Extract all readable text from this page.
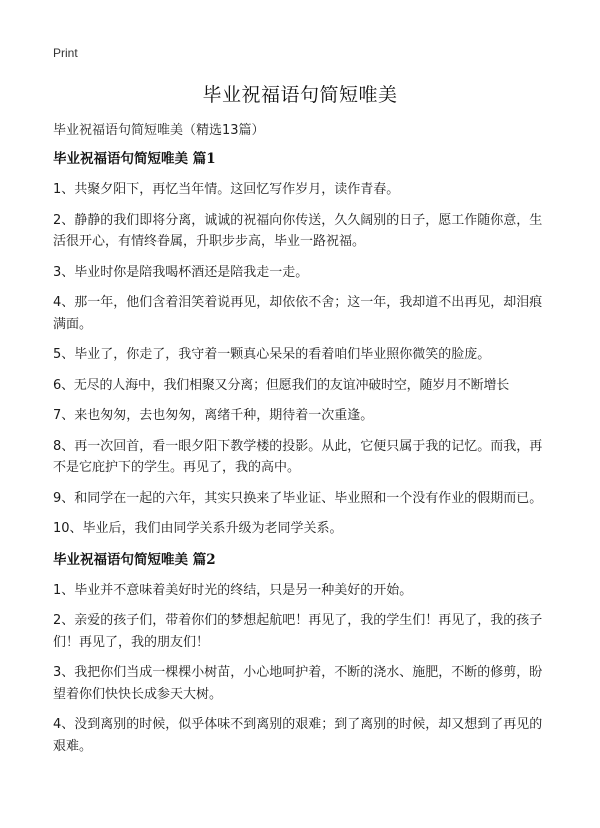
Print
毕业祝福语句简短唯美
毕业祝福语句简短唯美（精选13篇）
毕业祝福语句简短唯美 篇1
1、共聚夕阳下，再忆当年情。这回忆写作岁月，读作青春。
2、静静的我们即将分离，诚诚的祝福向你传送，久久阔别的日子，愿工作随你意，生活很开心，有情终眷属，升职步步高，毕业一路祝福。
3、毕业时你是陪我喝杯酒还是陪我走一走。
4、那一年，他们含着泪笑着说再见，却依依不舍；这一年，我却道不出再见，却泪痕满面。
5、毕业了，你走了，我守着一颗真心呆呆的看着咱们毕业照你微笑的脸庞。
6、无尽的人海中，我们相聚又分离；但愿我们的友谊冲破时空，随岁月不断增长
7、来也匆匆，去也匆匆，离绪千种，期待着一次重逢。
8、再一次回首，看一眼夕阳下教学楼的投影。从此，它便只属于我的记忆。而我，再不是它庇护下的学生。再见了，我的高中。
9、和同学在一起的六年，其实只换来了毕业证、毕业照和一个没有作业的假期而已。
10、毕业后，我们由同学关系升级为老同学关系。
毕业祝福语句简短唯美 篇2
1、毕业并不意味着美好时光的终结，只是另一种美好的开始。
2、亲爱的孩子们，带着你们的梦想起航吧！再见了，我的学生们！再见了，我的孩子们！再见了，我的朋友们！
3、我把你们当成一棵棵小树苗，小心地呵护着，不断的浇水、施肥，不断的修剪，盼望着你们快快长成参天大树。
4、没到离别的时候，似乎体味不到离别的艰难；到了离别的时候，却又想到了再见的艰难。
